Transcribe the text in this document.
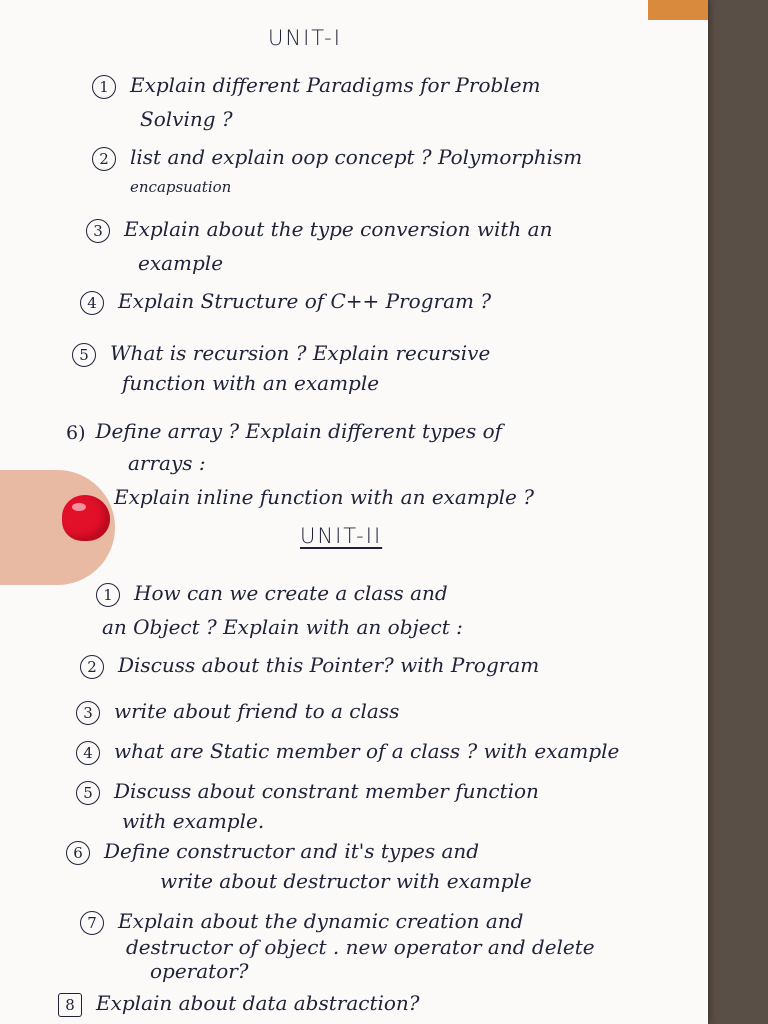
UNIT-I
1 Explain different Paradigms for Problem
Solving ?
2 list and explain oop concept ? Polymorphism
encapsuation
3 Explain about the type conversion with an
example
4 Explain Structure of C++ Program ?
5 What is recursion ? Explain recursive
function with an example
6) Define array ? Explain different types of
arrays :
Explain inline function with an example ?
UNIT-II
1 How can we create a class and
an Object ? Explain with an object :
2 Discuss about this Pointer? with Program
3 write about friend to a class
4 what are Static member of a class ? with example
5 Discuss about constrant member function
with example.
6 Define constructor and it's types and
write about destructor with example
7 Explain about the dynamic creation and
destructor of object . new operator and delete
operator?
8 Explain about data abstraction?
